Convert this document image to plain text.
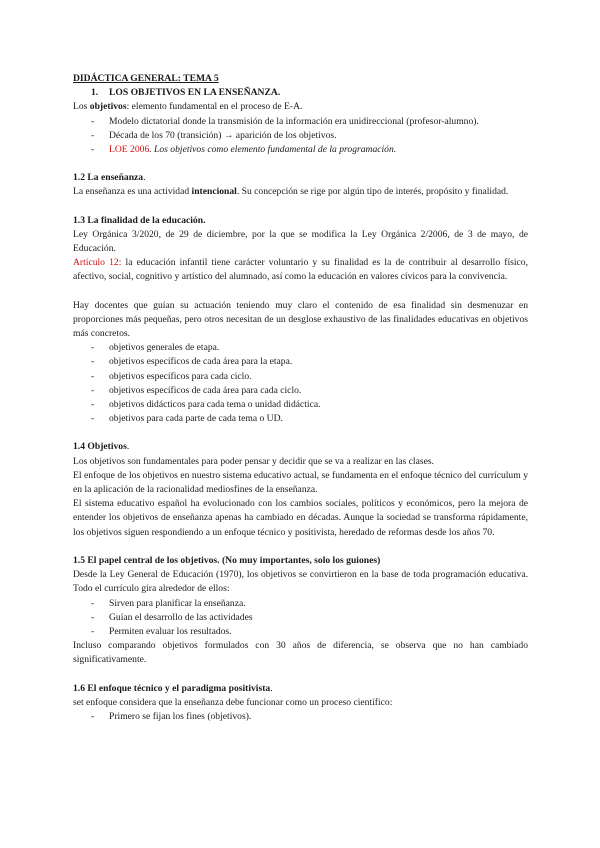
DIDÁCTICA GENERAL: TEMA 5

1. LOS OBJETIVOS EN LA ENSEÑANZA.

Los objetivos: elemento fundamental en el proceso de E-A.

- Modelo dictatorial donde la transmisión de la información era unidireccional (profesor-alumno).
- Década de los 70 (transición) → aparición de los objetivos.
- LOE 2006. Los objetivos como elemento fundamental de la programación.

1.2 La enseñanza.

La enseñanza es una actividad intencional. Su concepción se rige por algún tipo de interés, propósito y finalidad.

1.3 La finalidad de la educación.

Ley Orgánica 3/2020, de 29 de diciembre, por la que se modifica la Ley Orgánica 2/2006, de 3 de mayo, de Educación.

Artículo 12: la educación infantil tiene carácter voluntario y su finalidad es la de contribuir al desarrollo físico, afectivo, social, cognitivo y artístico del alumnado, así como la educación en valores cívicos para la convivencia.

Hay docentes que guían su actuación teniendo muy claro el contenido de esa finalidad sin desmenuzar en proporciones más pequeñas, pero otros necesitan de un desglose exhaustivo de las finalidades educativas en objetivos más concretos.

- objetivos generales de etapa.
- objetivos específicos de cada área para la etapa.
- objetivos específicos para cada ciclo.
- objetivos específicos de cada área para cada ciclo.
- objetivos didácticos para cada tema o unidad didáctica.
- objetivos para cada parte de cada tema o UD.

1.4 Objetivos.

Los objetivos son fundamentales para poder pensar y decidir que se va a realizar en las clases.

El enfoque de los objetivos en nuestro sistema educativo actual, se fundamenta en el enfoque técnico del currículum y en la aplicación de la racionalidad mediosfines de la enseñanza.

El sistema educativo español ha evolucionado con los cambios sociales, políticos y económicos, pero la mejora de entender los objetivos de enseñanza apenas ha cambiado en décadas. Aunque la sociedad se transforma rápidamente, los objetivos siguen respondiendo a un enfoque técnico y positivista, heredado de reformas desde los años 70.

1.5 El papel central de los objetivos. (No muy importantes, solo los guiones)

Desde la Ley General de Educación (1970), los objetivos se convirtieron en la base de toda programación educativa. Todo el currículo gira alrededor de ellos:

- Sirven para planificar la enseñanza.
- Guían el desarrollo de las actividades
- Permiten evaluar los resultados.

Incluso comparando objetivos formulados con 30 años de diferencia, se observa que no han cambiado significativamente.

1.6 El enfoque técnico y el paradigma positivista.

set enfoque considera que la enseñanza debe funcionar como un proceso científico:

- Primero se fijan los fines (objetivos).
